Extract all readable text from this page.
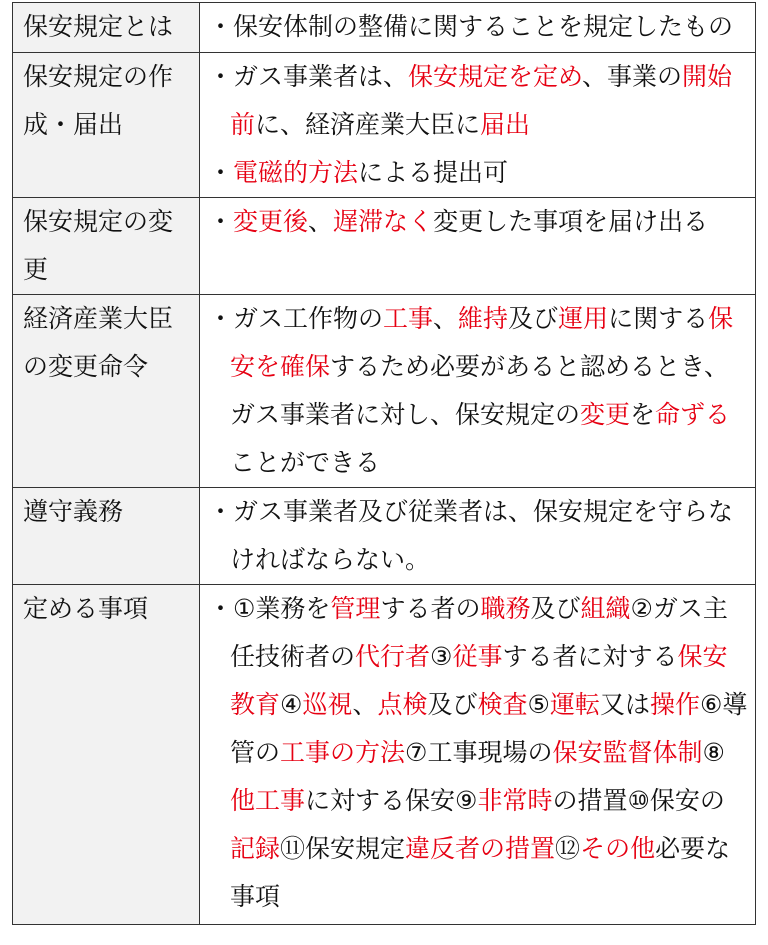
保安規定とは	・保安体制の整備に関することを規定したもの

保安規定の作成・届出	・ガス事業者は、保安規定を定め、事業の開始前に、経済産業大臣に届出
・電磁的方法による提出可

保安規定の変更	・変更後、遅滞なく変更した事項を届け出る

経済産業大臣の変更命令	・ガス工作物の工事、維持及び運用に関する保安を確保するため必要があると認めるとき、ガス事業者に対し、保安規定の変更を命ずることができる

遵守義務	・ガス事業者及び従業者は、保安規定を守らなければならない。

定める事項	・①業務を管理する者の職務及び組織②ガス主任技術者の代行者③従事する者に対する保安教育④巡視、点検及び検査⑤運転又は操作⑥導管の工事の方法⑦工事現場の保安監督体制⑧他工事に対する保安⑨非常時の措置⑩保安の記録⑪保安規定違反者の措置⑫その他必要な事項
